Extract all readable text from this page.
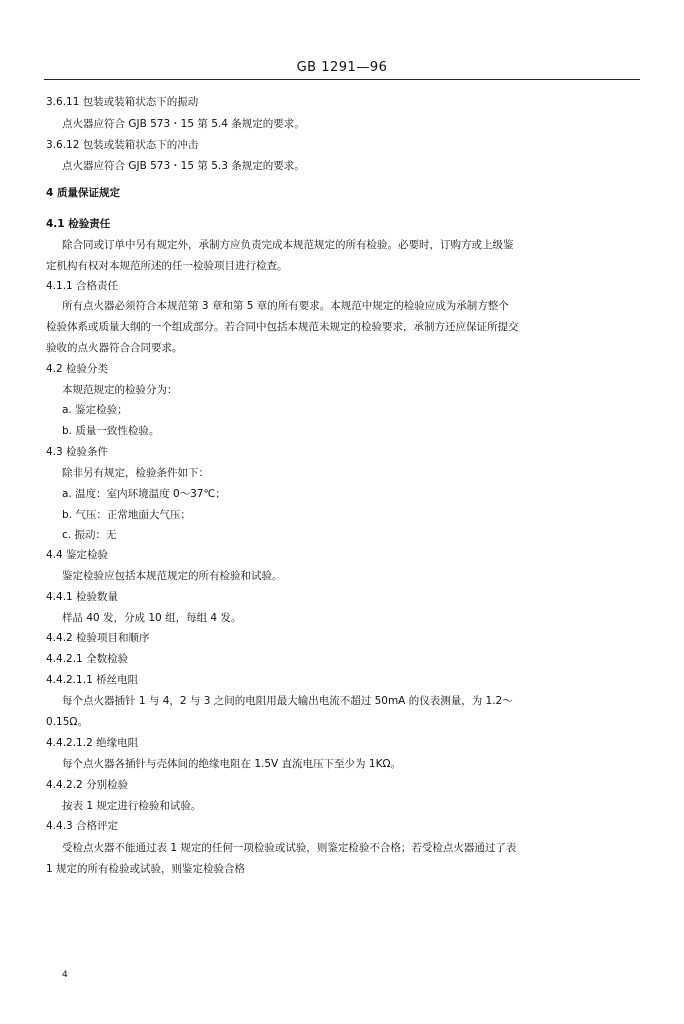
GB 1291—96
3.6.11 包装或装箱状态下的振动
点火器应符合 GJB 573・15 第 5.4 条规定的要求。
3.6.12 包装或装箱状态下的冲击
点火器应符合 GJB 573・15 第 5.3 条规定的要求。
4 质量保证规定
4.1 检验责任
除合同或订单中另有规定外，承制方应负责完成本规范规定的所有检验。必要时，订购方或上级鉴
定机构有权对本规范所述的任一检验项目进行检查。
4.1.1 合格责任
所有点火器必须符合本规范第 3 章和第 5 章的所有要求。本规范中规定的检验应成为承制方整个
检验体系或质量大纲的一个组成部分。若合同中包括本规范未规定的检验要求，承制方还应保证所提交
验收的点火器符合合同要求。
4.2 检验分类
本规范规定的检验分为：
a. 鉴定检验；
b. 质量一致性检验。
4.3 检验条件
除非另有规定，检验条件如下：
a. 温度：室内环境温度 0～37℃；
b. 气压：正常地面大气压；
c. 振动：无
4.4 鉴定检验
鉴定检验应包括本规范规定的所有检验和试验。
4.4.1 检验数量
样品 40 发，分成 10 组，每组 4 发。
4.4.2 检验项目和顺序
4.4.2.1 全数检验
4.4.2.1.1 桥丝电阻
每个点火器插针 1 与 4，2 与 3 之间的电阻用最大输出电流不超过 50mA 的仪表测量，为 1.2～
0.15Ω。
4.4.2.1.2 绝缘电阻
每个点火器各插针与壳体间的绝缘电阻在 1.5V 直流电压下至少为 1KΩ。
4.4.2.2 分别检验
按表 1 规定进行检验和试验。
4.4.3 合格评定
受检点火器不能通过表 1 规定的任何一项检验或试验，则鉴定检验不合格；若受检点火器通过了表
1 规定的所有检验或试验，则鉴定检验合格
4
